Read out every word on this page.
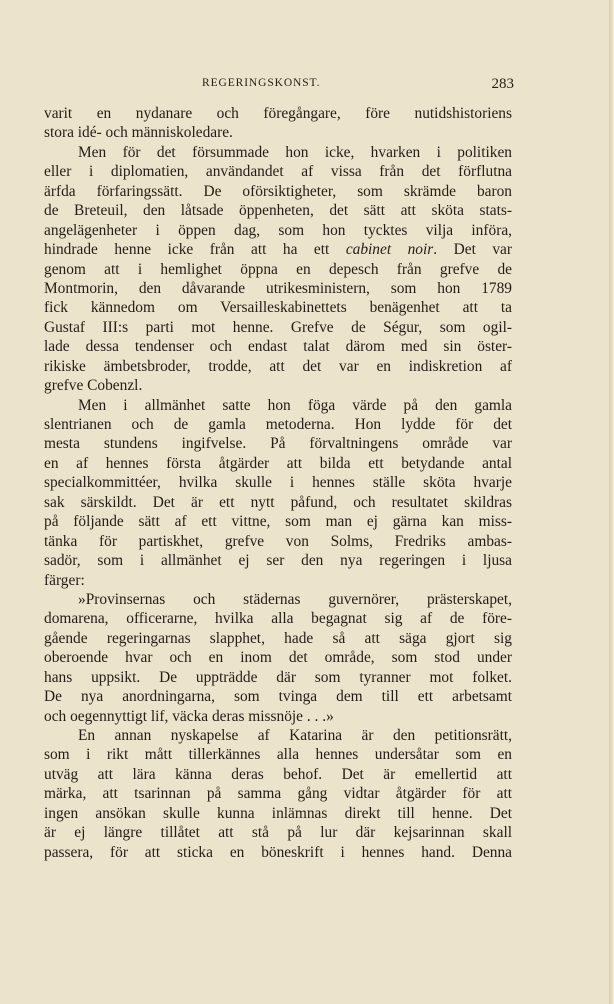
REGERINGSKONST.	283
varit en nydanare och föregångare, före nutidshistoriens
stora idé- och människoledare.
Men för det försummade hon icke, hvarken i politiken
eller i diplomatien, användandet af vissa från det förflutna
ärfda förfaringssätt. De oförsiktigheter, som skrämde baron
de Breteuil, den låtsade öppenheten, det sätt att sköta stats-
angelägenheter i öppen dag, som hon tycktes vilja införa,
hindrade henne icke från att ha ett cabinet noir. Det var
genom att i hemlighet öppna en depesch från grefve de
Montmorin, den dåvarande utrikesministern, som hon 1789
fick kännedom om Versailleskabinettets benägenhet att ta
Gustaf III:s parti mot henne. Grefve de Ségur, som ogil-
lade dessa tendenser och endast talat därom med sin öster-
rikiske ämbetsbroder, trodde, att det var en indiskretion af
grefve Cobenzl.
Men i allmänhet satte hon föga värde på den gamla
slentrianen och de gamla metoderna. Hon lydde för det
mesta stundens ingifvelse. På förvaltningens område var
en af hennes första åtgärder att bilda ett betydande antal
specialkommittéer, hvilka skulle i hennes ställe sköta hvarje
sak särskildt. Det är ett nytt påfund, och resultatet skildras
på följande sätt af ett vittne, som man ej gärna kan miss-
tänka för partiskhet, grefve von Solms, Fredriks ambas-
sadör, som i allmänhet ej ser den nya regeringen i ljusa
färger:
»Provinsernas och städernas guvernörer, prästerskapet,
domarena, officerarne, hvilka alla begagnat sig af de före-
gående regeringarnas slapphet, hade så att säga gjort sig
oberoende hvar och en inom det område, som stod under
hans uppsikt. De uppträdde där som tyranner mot folket.
De nya anordningarna, som tvinga dem till ett arbetsamt
och oegennyttigt lif, väcka deras missnöje . . .»
En annan nyskapelse af Katarina är den petitionsrätt,
som i rikt mått tillerkännes alla hennes undersåtar som en
utväg att lära känna deras behof. Det är emellertid att
märka, att tsarinnan på samma gång vidtar åtgärder för att
ingen ansökan skulle kunna inlämnas direkt till henne. Det
är ej längre tillåtet att stå på lur där kejsarinnan skall
passera, för att sticka en böneskrift i hennes hand. Denna
